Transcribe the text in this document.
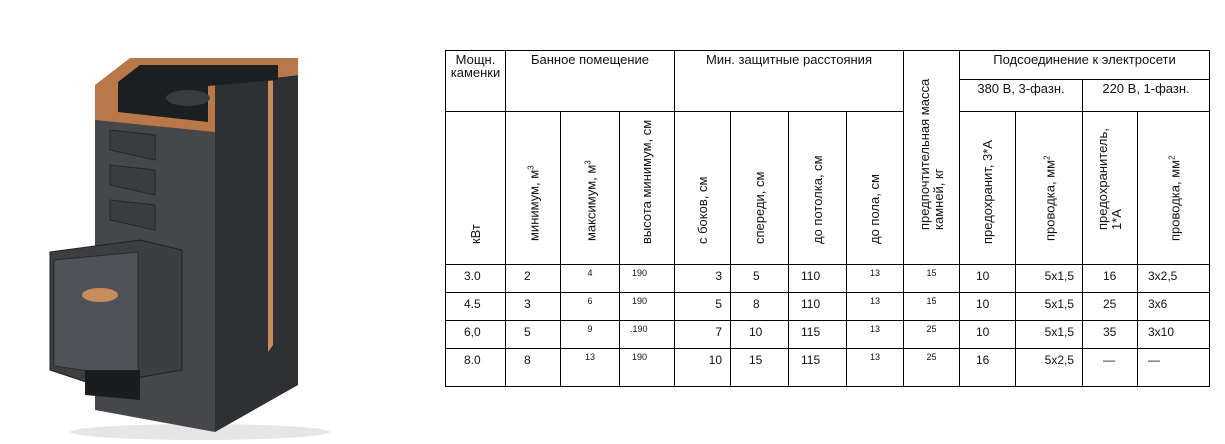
Мощн. каменки	Банное помещение			Мин. защитные расстояния				предпочтительная масса камней, кг	Подсоединение к электросети			

									380 В, 3-фазн.		220 В, 1-фазн.	

кВт	минимум, $м^3$	максимум, $м^3$	высота минимум, см	с боков, см	спереди, см	до потолка, см	до пола, см		предохранит, 3*А	проводка, $мм^2$	предохранитель, 1*А	проводка, $мм^2$

3.0	2	4	190	3	5	110	13	15	10	5х1,5	16	3х2,5

4.5	3	6	190	5	8	110	13	15	10	5х1,5	25	3х6

6,0	5	9	.190	7	10	115	13	25	10	5х1,5	35	3х10

8.0	8	13	190	10	15	115	13	25	16	5х2,5	—	—
